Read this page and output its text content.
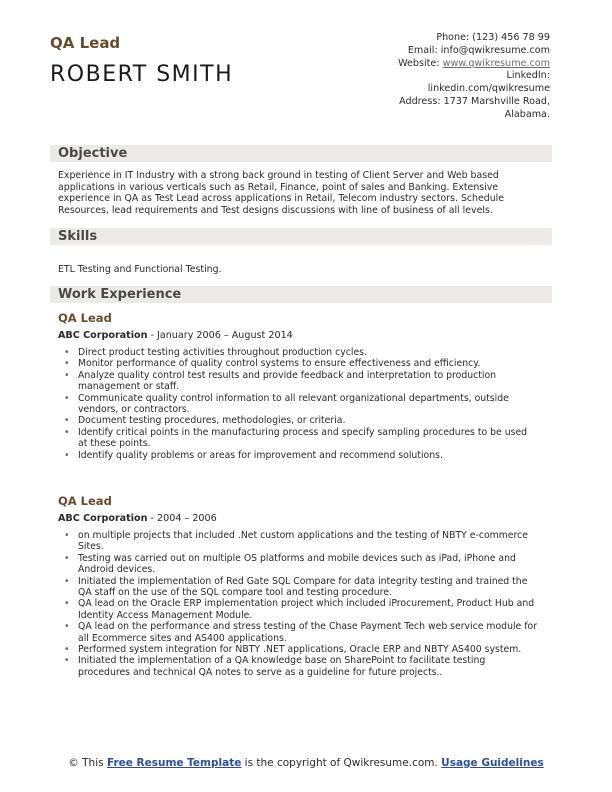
QA Lead
ROBERT SMITH
Phone: (123) 456 78 99
Email: info@qwikresume.com
Website: www.qwikresume.com
LinkedIn:
linkedin.com/qwikresume
Address: 1737 Marshville Road,
Alabama.
Objective
Experience in IT Industry with a strong back ground in testing of Client Server and Web based applications in various verticals such as Retail, Finance, point of sales and Banking. Extensive experience in QA as Test Lead across applications in Retail, Telecom industry sectors. Schedule Resources, lead requirements and Test designs discussions with line of business of all levels.
Skills
ETL Testing and Functional Testing.
Work Experience
QA Lead
ABC Corporation - January 2006 – August 2014
• Direct product testing activities throughout production cycles.
• Monitor performance of quality control systems to ensure effectiveness and efficiency.
• Analyze quality control test results and provide feedback and interpretation to production management or staff.
• Communicate quality control information to all relevant organizational departments, outside vendors, or contractors.
• Document testing procedures, methodologies, or criteria.
• Identify critical points in the manufacturing process and specify sampling procedures to be used at these points.
• Identify quality problems or areas for improvement and recommend solutions.
QA Lead
ABC Corporation - 2004 – 2006
• on multiple projects that included .Net custom applications and the testing of NBTY e-commerce Sites.
• Testing was carried out on multiple OS platforms and mobile devices such as iPad, iPhone and Android devices.
• Initiated the implementation of Red Gate SQL Compare for data integrity testing and trained the QA staff on the use of the SQL compare tool and testing procedure.
• QA lead on the Oracle ERP implementation project which included iProcurement, Product Hub and Identity Access Management Module.
• QA lead on the performance and stress testing of the Chase Payment Tech web service module for all Ecommerce sites and AS400 applications.
• Performed system integration for NBTY .NET applications, Oracle ERP and NBTY AS400 system.
• Initiated the implementation of a QA knowledge base on SharePoint to facilitate testing procedures and technical QA notes to serve as a guideline for future projects..
© This Free Resume Template is the copyright of Qwikresume.com. Usage Guidelines
